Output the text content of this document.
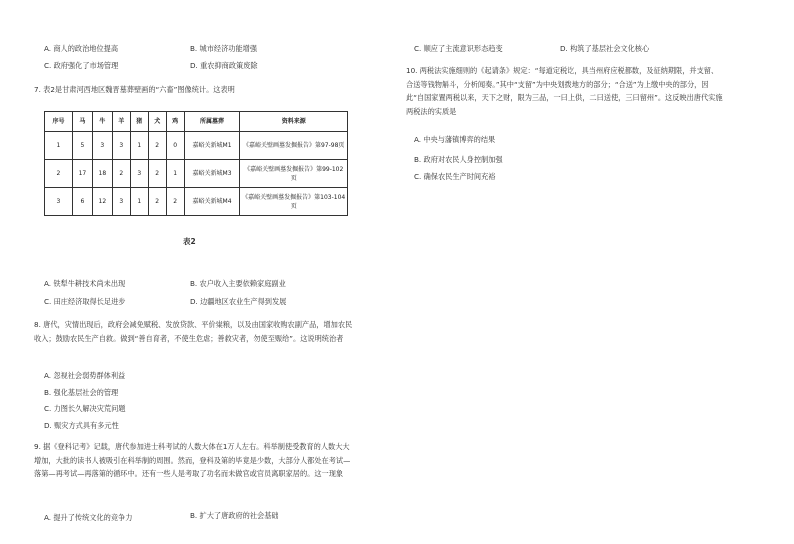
A. 商人的政治地位提高	B. 城市经济功能增强
C. 政府强化了市场管理	D. 重农抑商政策废除
7. 表2是甘肃河西地区魏晋墓葬壁画的“六畜”图像统计。这表明
序号	马	牛	羊	猪	犬	鸡	所属墓葬	资料来源
1	5	3	3	1	2	0	嘉峪关新城M1	《嘉峪关壁画墓发掘报告》第97-98页
2	17	18	2	3	2	1	嘉峪关新城M3	《嘉峪关壁画墓发掘报告》第99-102页
3	6	12	3	1	2	2	嘉峪关新城M4	《嘉峪关壁画墓发掘报告》第103-104页
表2
A. 铁犁牛耕技术尚未出现	B. 农户收入主要依赖家庭副业
C. 田庄经济取得长足进步	D. 边疆地区农业生产得到发展
8. 唐代，灾情出现后，政府会减免赋税、发放贷款、平价粜粮，以及由国家收购农副产品，增加农民收入；鼓励农民生产自救。做到“善自育者，不使生危虐；善救灾者，勿使至赈给”。这说明统治者
A. 忽视社会弱势群体利益
B. 强化基层社会的管理
C. 力图长久解决灾荒问题
D. 赈灾方式具有多元性
9. 据《登科记考》记载，唐代参加进士科考试的人数大体在1万人左右。科举制使受教育的人数大大增加，大批的读书人被吸引在科举制的周围。然而，登科及第的毕竟是少数，大部分人都处在考试—落第—再考试—再落第的循环中。还有一些人是考取了功名而未做官或官员离职家居的。这一现象
A. 提升了传统文化的竞争力	B. 扩大了唐政府的社会基础
C. 顺应了主流意识形态趋变	D. 构筑了基层社会文化核心
10. 两税法实施细则的《起请条》规定：“每道定税讫，具当州府应税都数，及征纳期限，并支留、合送等钱物斛斗，分析闻奏。”其中“支留”为中央划拨地方的部分；“合送”为上缴中央的部分，因此“自国家置两税以来，天下之财，限为三品，一曰上供，二曰送使，三曰留州”。这反映出唐代实施两税法的实质是
A. 中央与藩镇博弈的结果
B. 政府对农民人身控制加强
C. 确保农民生产时间充裕
